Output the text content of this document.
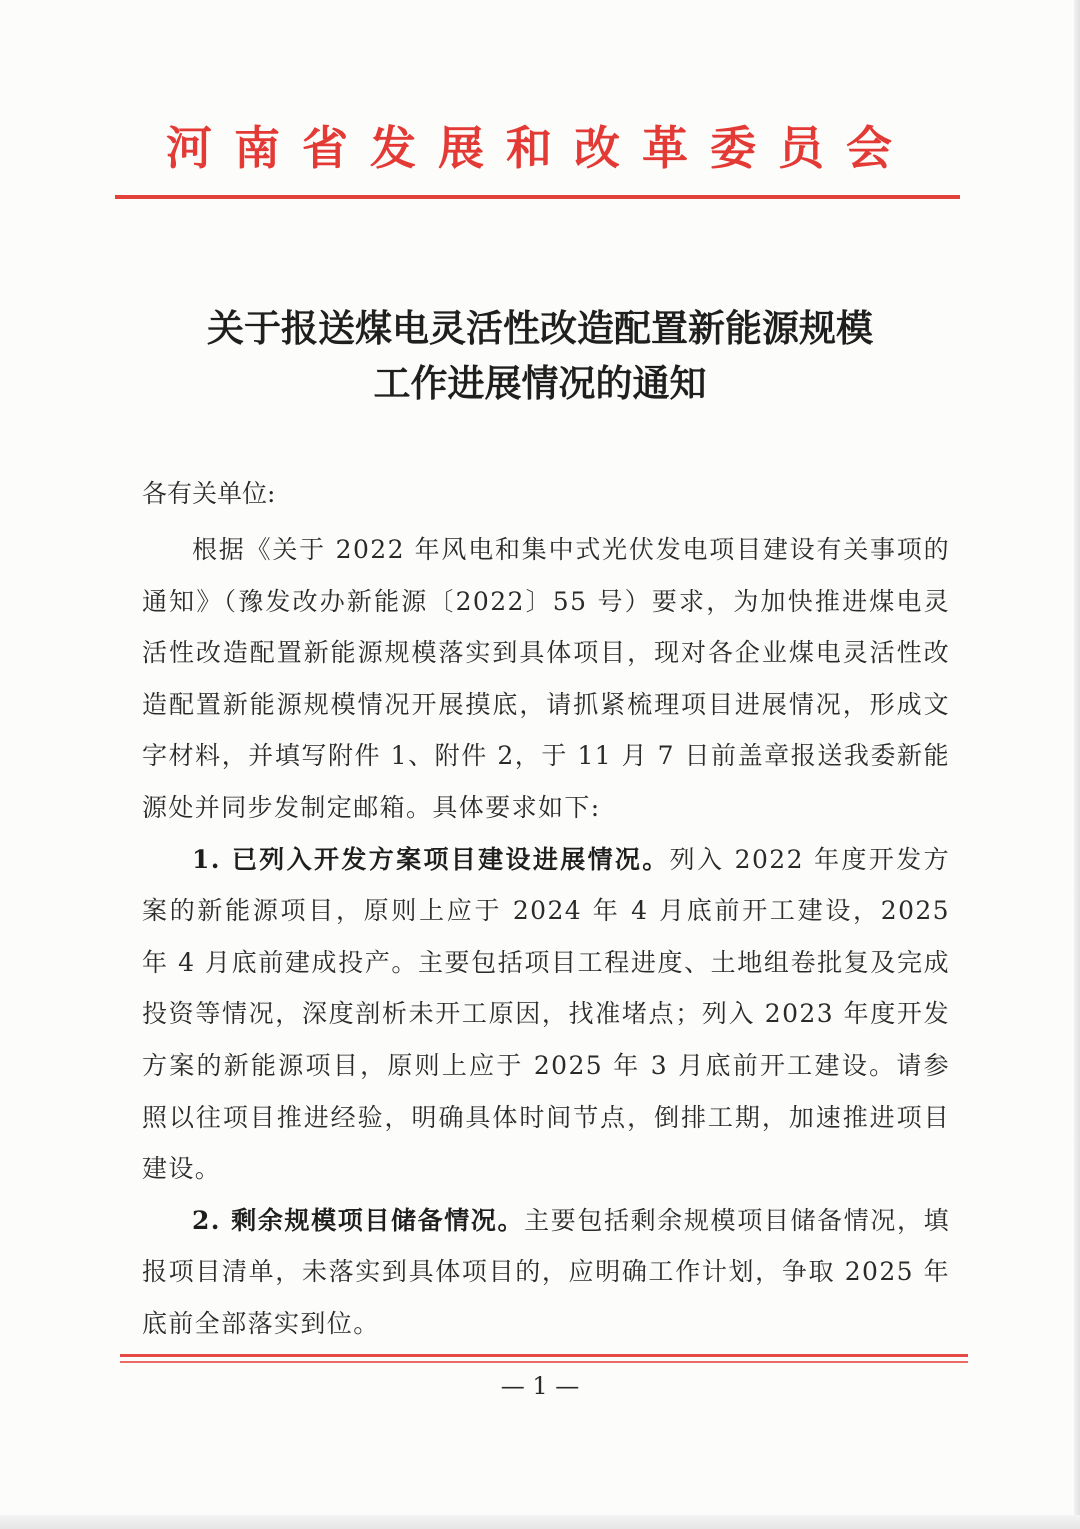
河南省发展和改革委员会
关于报送煤电灵活性改造配置新能源规模
工作进展情况的通知
各有关单位:

根据《关于 2022 年风电和集中式光伏发电项目建设有关事项的通知》（豫发改办新能源〔2022〕55 号）要求，为加快推进煤电灵活性改造配置新能源规模落实到具体项目，现对各企业煤电灵活性改造配置新能源规模情况开展摸底，请抓紧梳理项目进展情况，形成文字材料，并填写附件 1、附件 2，于 11 月 7 日前盖章报送我委新能源处并同步发制定邮箱。具体要求如下:

1. 已列入开发方案项目建设进展情况。列入 2022 年度开发方案的新能源项目，原则上应于 2024 年 4 月底前开工建设，2025 年 4 月底前建成投产。主要包括项目工程进度、土地组卷批复及完成投资等情况，深度剖析未开工原因，找准堵点；列入 2023 年度开发方案的新能源项目，原则上应于 2025 年 3 月底前开工建设。请参照以往项目推进经验，明确具体时间节点，倒排工期，加速推进项目建设。

2. 剩余规模项目储备情况。主要包括剩余规模项目储备情况，填报项目清单，未落实到具体项目的，应明确工作计划，争取 2025 年底前全部落实到位。

— 1 —
